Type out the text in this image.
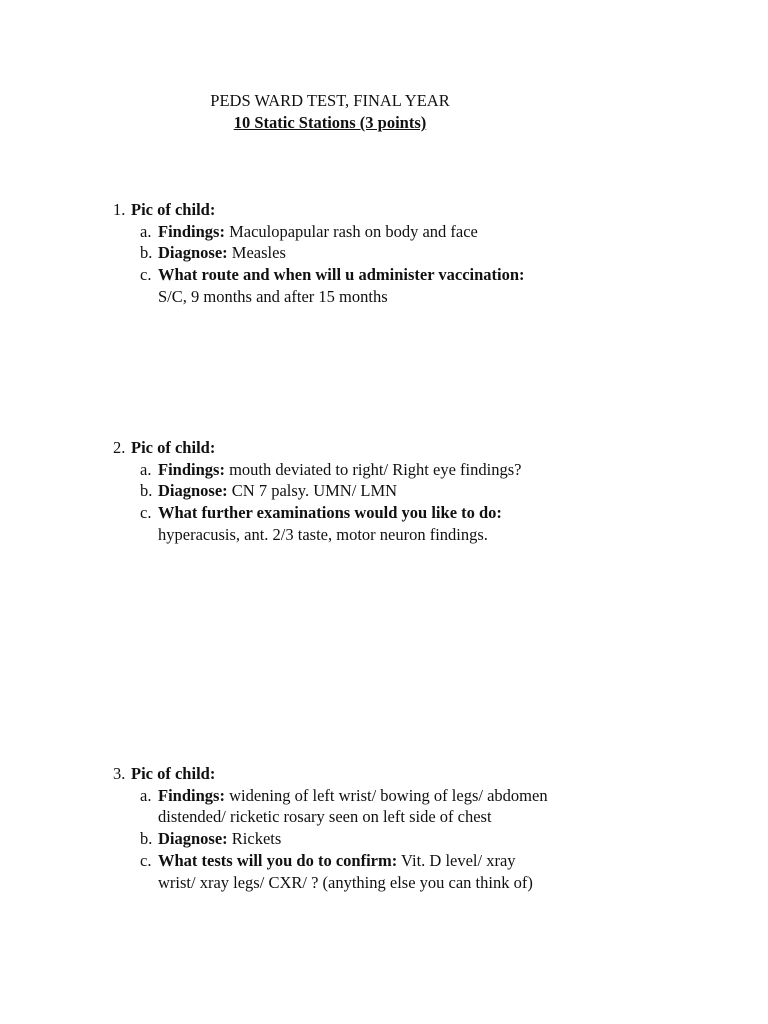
PEDS WARD TEST, FINAL YEAR
10 Static Stations (3 points)
1. Pic of child:
a. Findings: Maculopapular rash on body and face
b. Diagnose: Measles
c. What route and when will u administer vaccination: S/C, 9 months and after 15 months
2. Pic of child:
a. Findings: mouth deviated to right/ Right eye findings?
b. Diagnose: CN 7 palsy. UMN/ LMN
c. What further examinations would you like to do: hyperacusis, ant. 2/3 taste, motor neuron findings.
3. Pic of child:
a. Findings: widening of left wrist/ bowing of legs/ abdomen distended/ ricketic rosary seen on left side of chest
b. Diagnose: Rickets
c. What tests will you do to confirm: Vit. D level/ xray wrist/ xray legs/ CXR/ ? (anything else you can think of)
